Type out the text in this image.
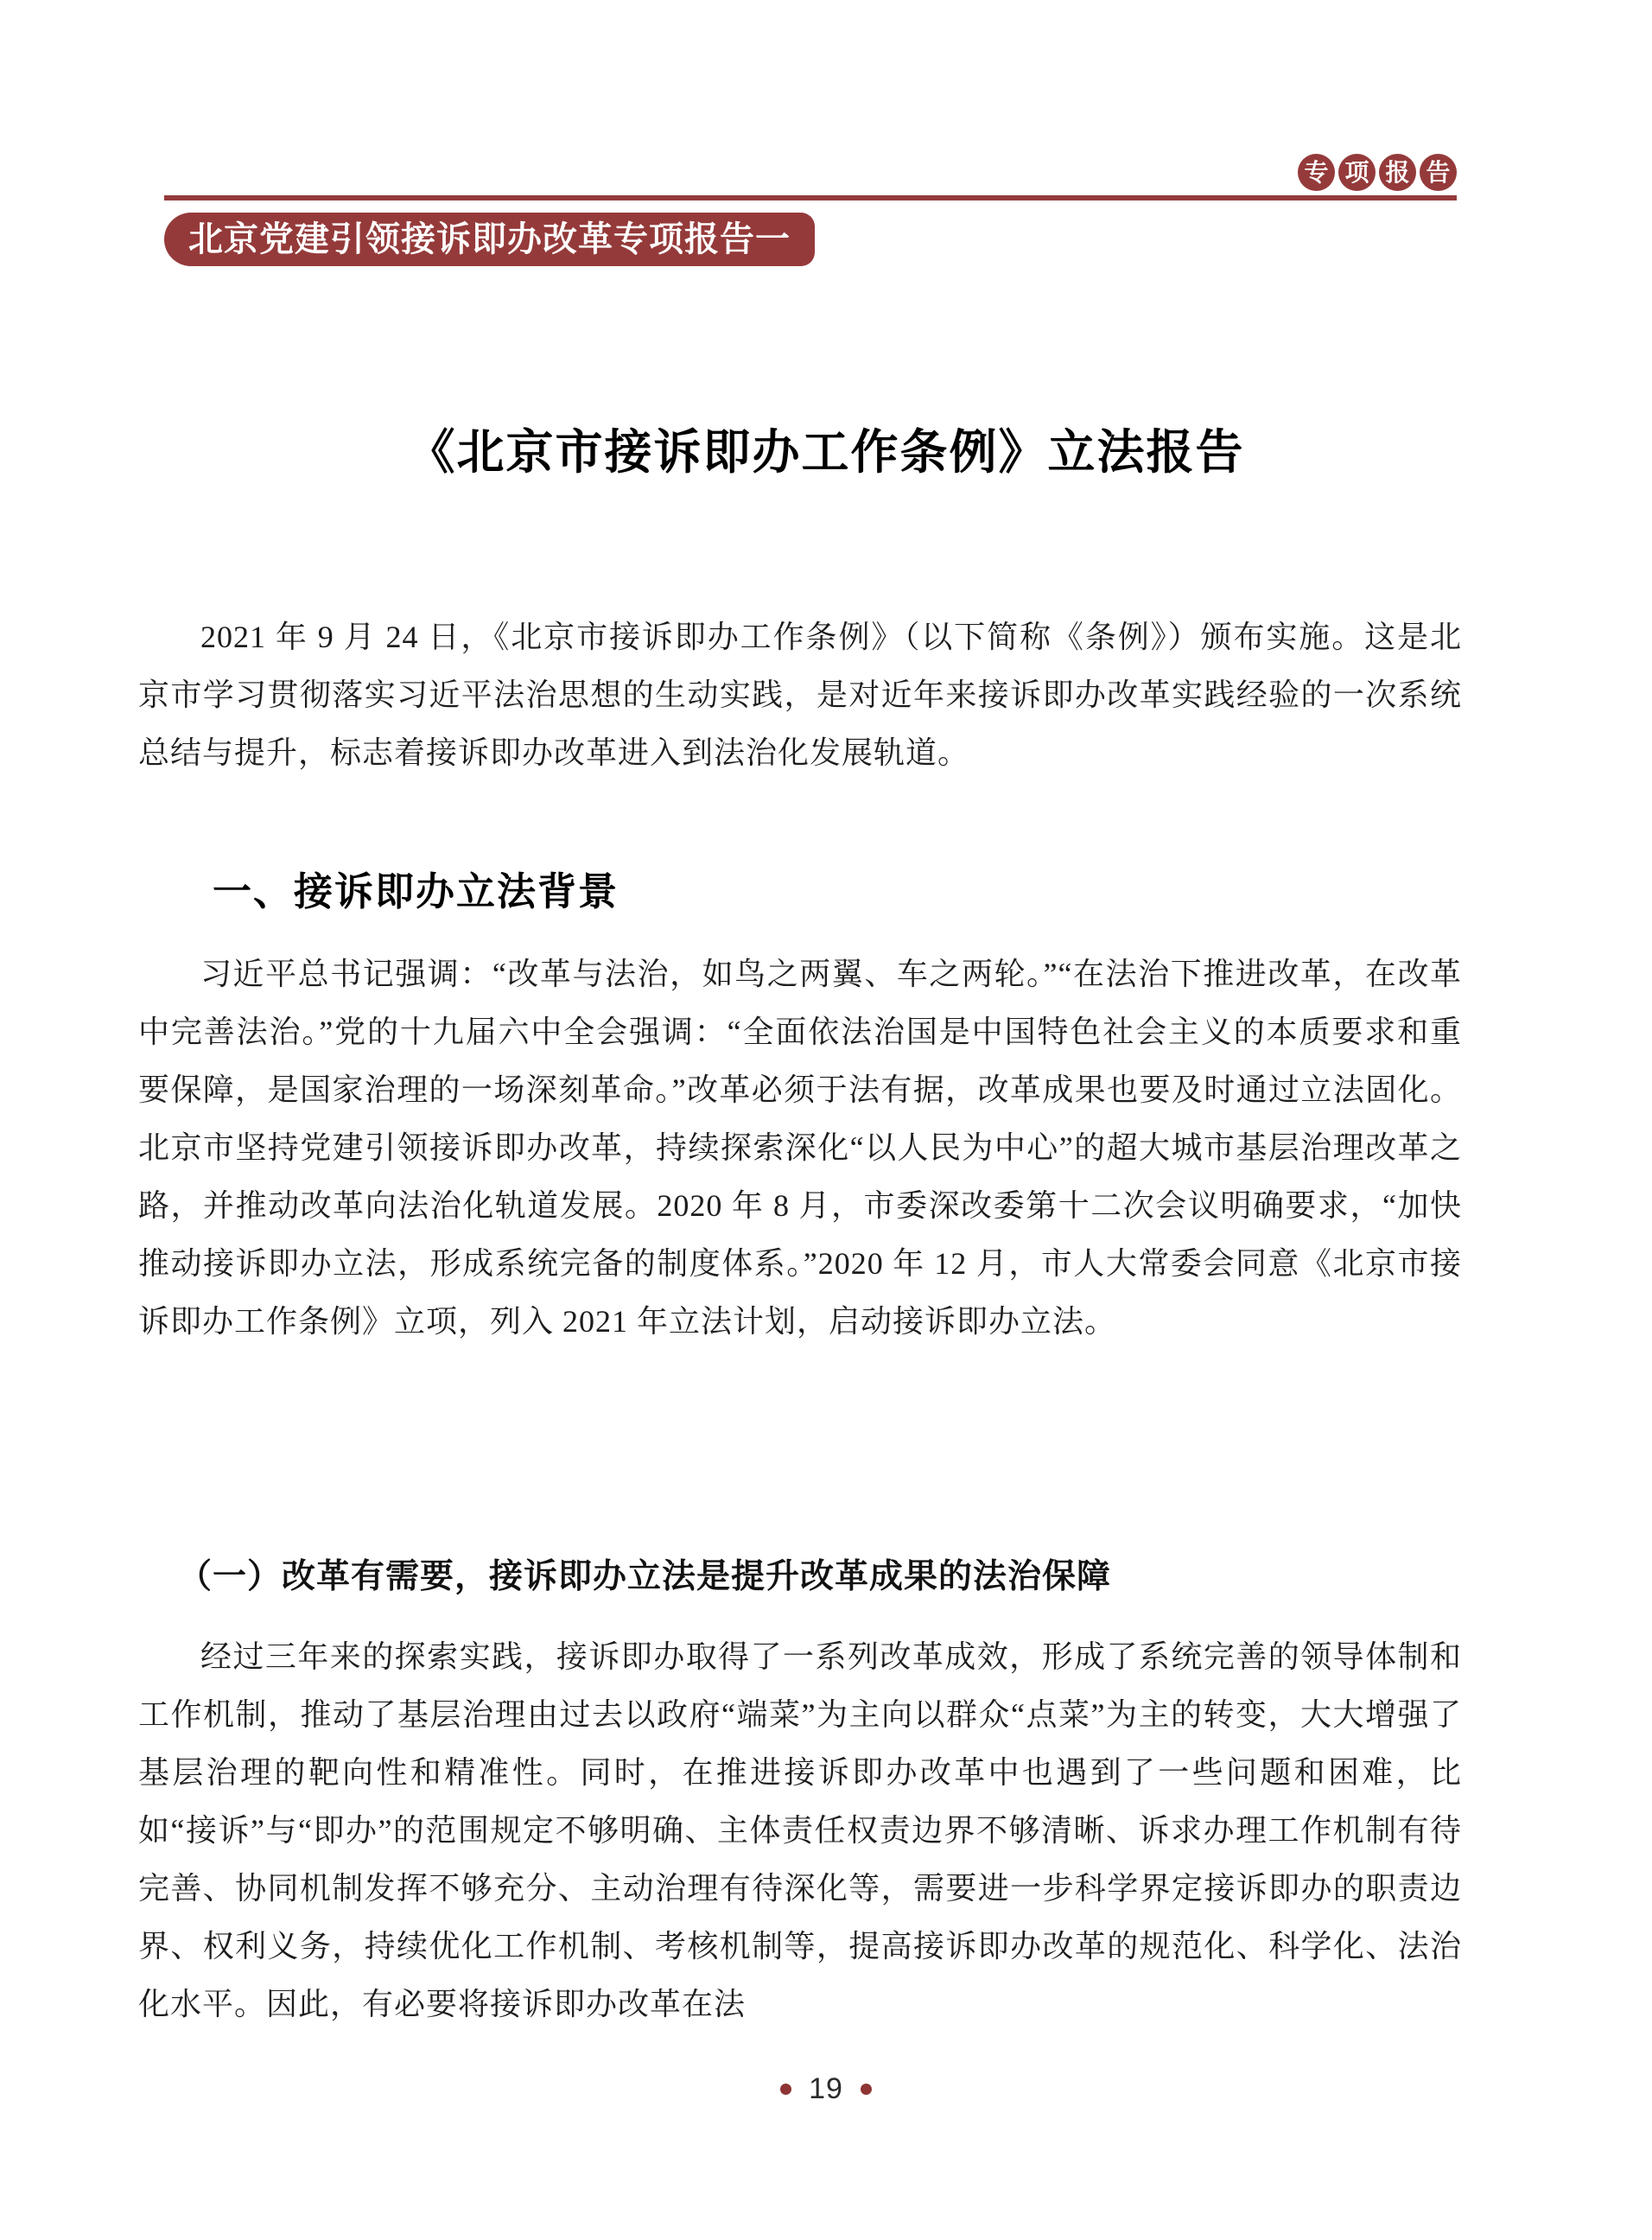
专 项 报 告
北京党建引领接诉即办改革专项报告一
《北京市接诉即办工作条例》立法报告

2021 年 9 月 24 日，《北京市接诉即办工作条例》（以下简称《条例》）颁布实施。这是北京市学习贯彻落实习近平法治思想的生动实践，是对近年来接诉即办改革实践经验的一次系统总结与提升，标志着接诉即办改革进入到法治化发展轨道。

一、接诉即办立法背景

习近平总书记强调：“改革与法治，如鸟之两翼、车之两轮。”“在法治下推进改革，在改革中完善法治。”党的十九届六中全会强调：“全面依法治国是中国特色社会主义的本质要求和重要保障，是国家治理的一场深刻革命。”改革必须于法有据，改革成果也要及时通过立法固化。北京市坚持党建引领接诉即办改革，持续探索深化“以人民为中心”的超大城市基层治理改革之路，并推动改革向法治化轨道发展。2020 年 8 月，市委深改委第十二次会议明确要求，“加快推动接诉即办立法，形成系统完备的制度体系。”2020 年 12 月，市人大常委会同意《北京市接诉即办工作条例》立项，列入 2021 年立法计划，启动接诉即办立法。

（一）改革有需要，接诉即办立法是提升改革成果的法治保障

经过三年来的探索实践，接诉即办取得了一系列改革成效，形成了系统完善的领导体制和工作机制，推动了基层治理由过去以政府“端菜”为主向以群众“点菜”为主的转变，大大增强了基层治理的靶向性和精准性。同时，在推进接诉即办改革中也遇到了一些问题和困难，比如“接诉”与“即办”的范围规定不够明确、主体责任权责边界不够清晰、诉求办理工作机制有待完善、协同机制发挥不够充分、主动治理有待深化等，需要进一步科学界定接诉即办的职责边界、权利义务，持续优化工作机制、考核机制等，提高接诉即办改革的规范化、科学化、法治化水平。因此，有必要将接诉即办改革在法

19
